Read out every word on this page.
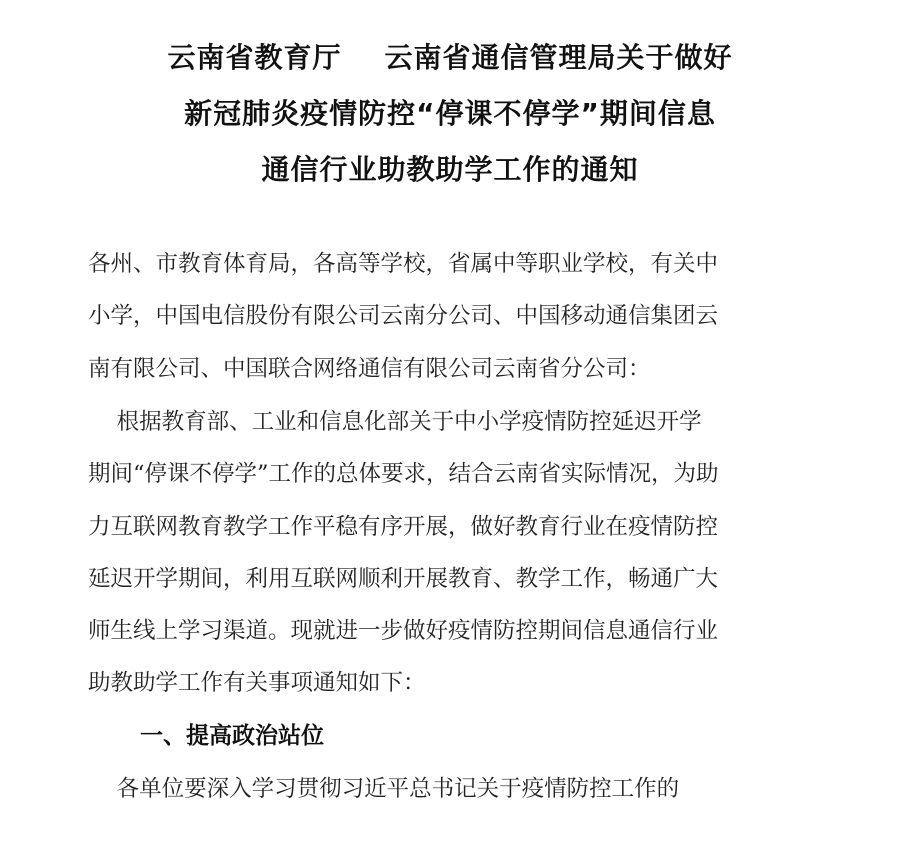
云南省教育厅    云南省通信管理局关于做好
新冠肺炎疫情防控“停课不停学”期间信息
通信行业助教助学工作的通知
各州、市教育体育局，各高等学校，省属中等职业学校，有关中
小学，中国电信股份有限公司云南分公司、中国移动通信集团云
南有限公司、中国联合网络通信有限公司云南省分公司：
根据教育部、工业和信息化部关于中小学疫情防控延迟开学
期间“停课不停学”工作的总体要求，结合云南省实际情况，为助
力互联网教育教学工作平稳有序开展，做好教育行业在疫情防控
延迟开学期间，利用互联网顺利开展教育、教学工作，畅通广大
师生线上学习渠道。现就进一步做好疫情防控期间信息通信行业
助教助学工作有关事项通知如下：
一、提高政治站位
各单位要深入学习贯彻习近平总书记关于疫情防控工作的
